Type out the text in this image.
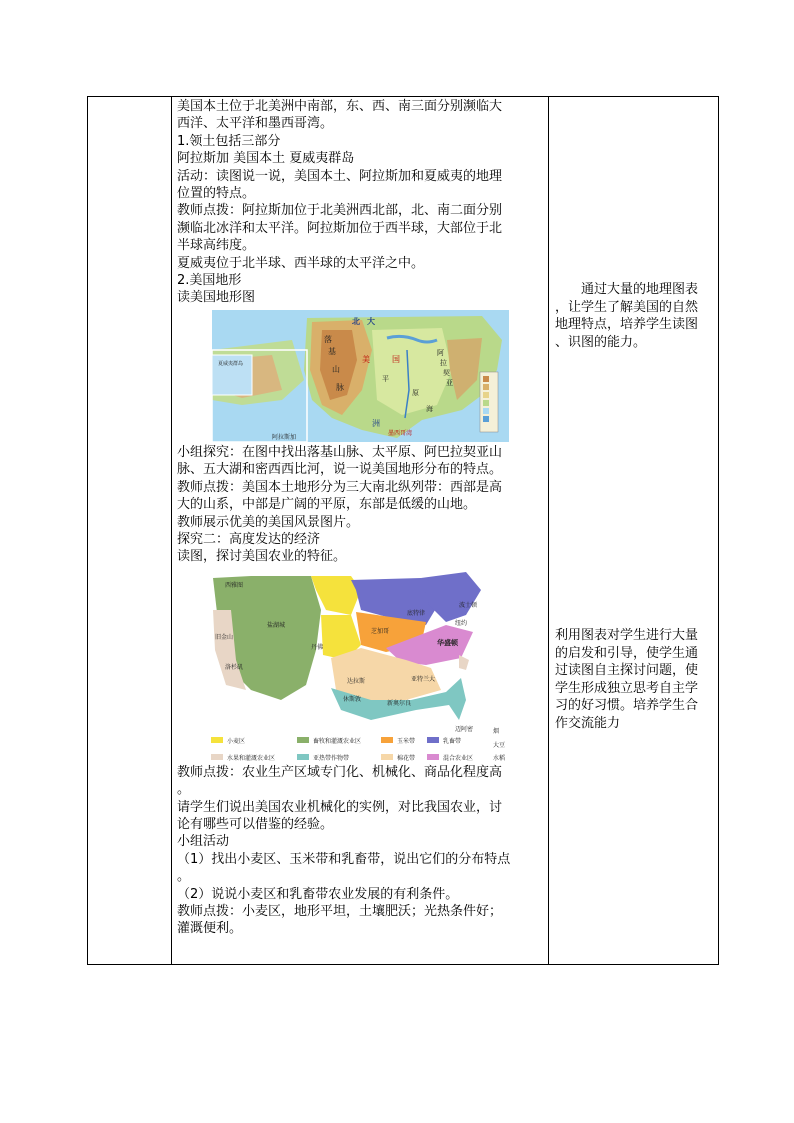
美国本土位于北美洲中南部，东、西、南三面分别濒临大

西洋、太平洋和墨西哥湾。

1.领土包括三部分

阿拉斯加 美国本土 夏威夷群岛

活动：读图说一说，美国本土、阿拉斯加和夏威夷的地理

位置的特点。

教师点拨：阿拉斯加位于北美洲西北部，北、南二面分别

濒临北冰洋和太平洋。阿拉斯加位于西半球，大部位于北

半球高纬度。

夏威夷位于北半球、西半球的太平洋之中。

2.美国地形

读美国地形图

北 大
落
基
山
脉
美	国
阿
拉
契
亚
平
原
海
洲
墨西哥湾
阿拉斯加
夏威夷群岛

小组探究：在图中找出落基山脉、太平原、阿巴拉契亚山

脉、五大湖和密西西比河，说一说美国地形分布的特点。

教师点拨：美国本土地形分为三大南北纵列带：西部是高

大的山系，中部是广阔的平原，东部是低缓的山地。

教师展示优美的美国风景图片。

探究二：高度发达的经济

读图，探讨美国农业的特征。

西雅图
盐湖城
旧金山
洛杉矶
丹佛
芝加哥
底特律
纽约
华盛顿
波士顿
休斯敦
达拉斯	亚特兰大
迈阿密
新奥尔良
小麦区	畜牧和灌溉农业区	玉米带	乳畜带
水果和灌溉农业区	亚热带作物带	棉花带	混合农业区
烟
大豆
水稻

教师点拨：农业生产区域专门化、机械化、商品化程度高

。

请学生们说出美国农业机械化的实例，对比我国农业，讨

论有哪些可以借鉴的经验。

小组活动

（1）找出小麦区、玉米带和乳畜带，说出它们的分布特点

。

（2）说说小麦区和乳畜带农业发展的有利条件。

教师点拨：小麦区，地形平坦，土壤肥沃；光热条件好；

灌溉便利。

通过大量的地理图表
，让学生了解美国的自然
地理特点，培养学生读图
、识图的能力。
利用图表对学生进行大量
的启发和引导，使学生通
过读图自主探讨问题，使
学生形成独立思考自主学
习的好习惯。培养学生合
作交流能力
